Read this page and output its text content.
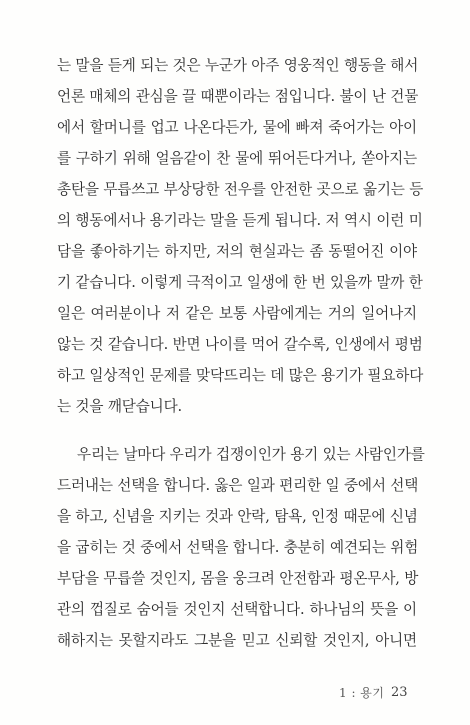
는 말을 듣게 되는 것은 누군가 아주 영웅적인 행동을 해서
언론 매체의 관심을 끌 때뿐이라는 점입니다. 불이 난 건물
에서 할머니를 업고 나온다든가, 물에 빠져 죽어가는 아이
를 구하기 위해 얼음같이 찬 물에 뛰어든다거나, 쏟아지는
총탄을 무릅쓰고 부상당한 전우를 안전한 곳으로 옮기는 등
의 행동에서나 용기라는 말을 듣게 됩니다. 저 역시 이런 미
담을 좋아하기는 하지만, 저의 현실과는 좀 동떨어진 이야
기 같습니다. 이렇게 극적이고 일생에 한 번 있을까 말까 한
일은 여러분이나 저 같은 보통 사람에게는 거의 일어나지
않는 것 같습니다. 반면 나이를 먹어 갈수록, 인생에서 평범
하고 일상적인 문제를 맞닥뜨리는 데 많은 용기가 필요하다
는 것을 깨닫습니다.
우리는 날마다 우리가 겁쟁이인가 용기 있는 사람인가를
드러내는 선택을 합니다. 옳은 일과 편리한 일 중에서 선택
을 하고, 신념을 지키는 것과 안락, 탐욕, 인정 때문에 신념
을 굽히는 것 중에서 선택을 합니다. 충분히 예견되는 위험
부담을 무릅쓸 것인지, 몸을 웅크려 안전함과 평온무사, 방
관의 껍질로 숨어들 것인지 선택합니다. 하나님의 뜻을 이
해하지는 못할지라도 그분을 믿고 신뢰할 것인지, 아니면
1 : 용기 23
